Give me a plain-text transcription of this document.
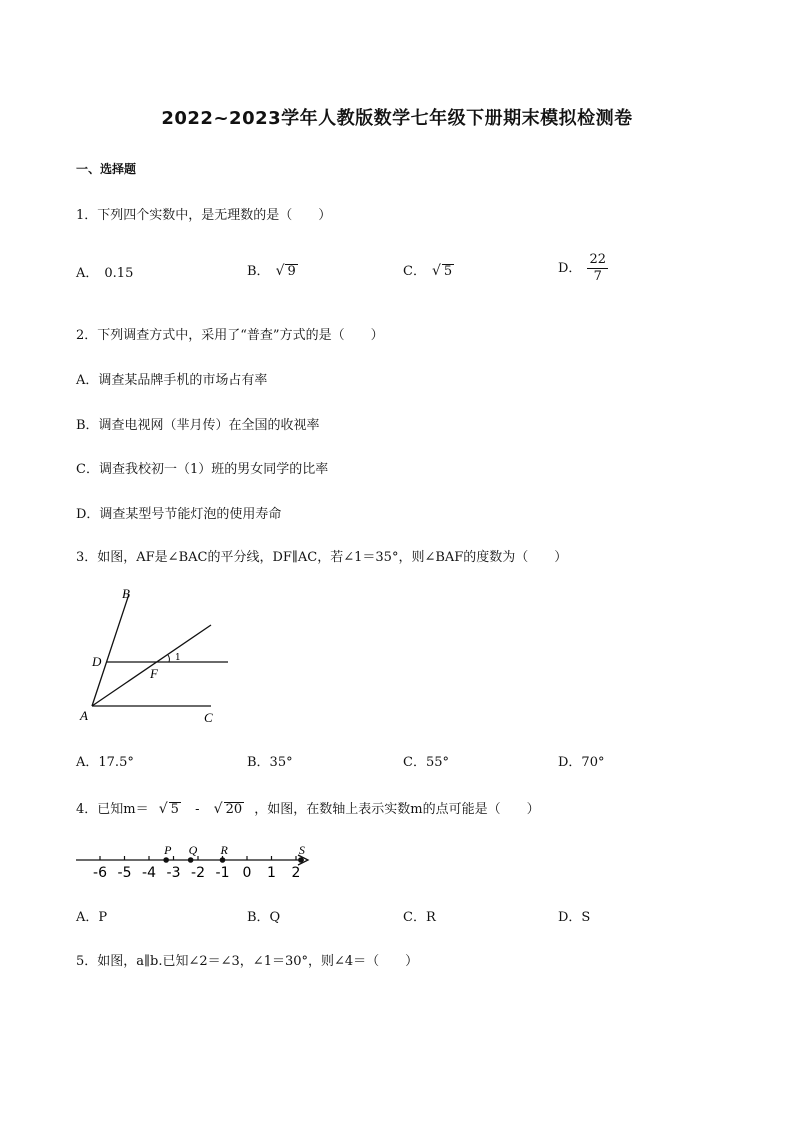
2022~2023学年人教版数学七年级下册期末模拟检测卷
一、选择题
1．下列四个实数中，是无理数的是（　　）
A． 0.15	B． √ 9	C． √ 5	D． $\frac{22}{7}$
2．下列调查方式中，采用了“普查”方式的是（　　）
A．调查某品牌手机的市场占有率
B．调查电视网（芈月传）在全国的收视率
C．调查我校初一（1）班的男女同学的比率
D．调查某型号节能灯泡的使用寿命
3．如图，AF是∠BAC的平分线，DF∥AC，若∠1＝35°，则∠BAF的度数为（　　）
B
D
F
A	C
1
A．17.5°	B．35°	C．55°	D．70°
4．已知m＝ √ 5 - √ 20 ，如图，在数轴上表示实数m的点可能是（　　）
-6 -5 -4 -3 -2 -1 0 1 2
P Q R	S
A．P	B．Q	C．R	D．S
5．如图，a∥b.已知∠2＝∠3，∠1＝30°，则∠4＝（　　）
